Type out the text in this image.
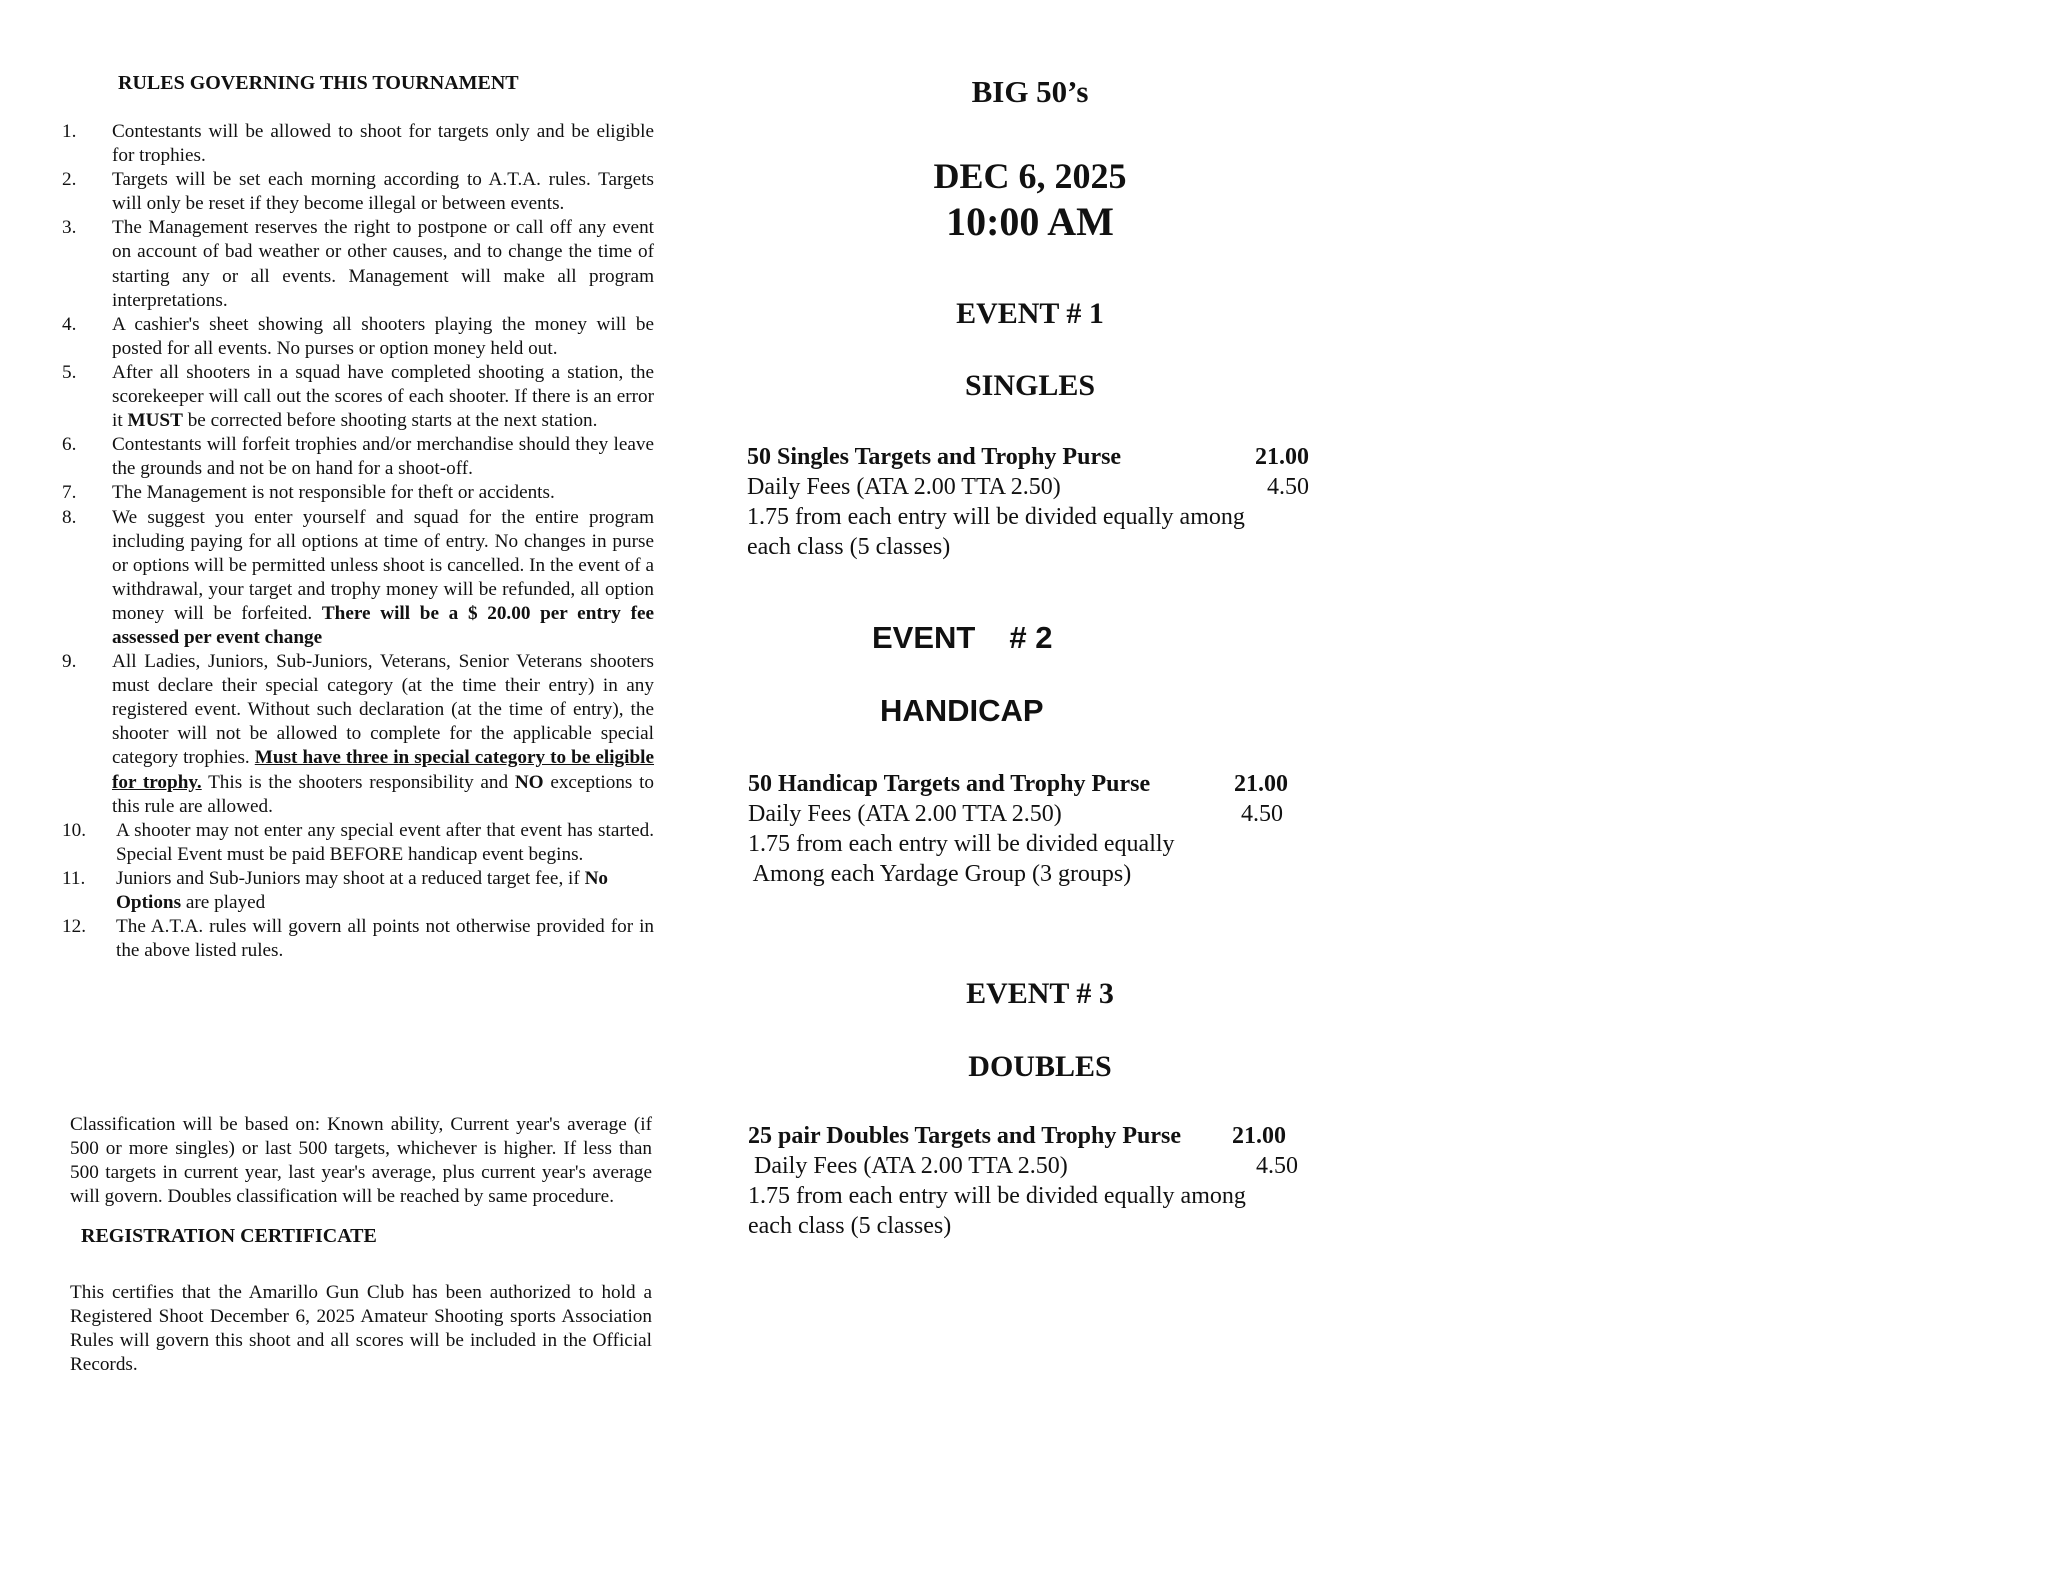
RULES GOVERNING THIS TOURNAMENT
1. Contestants will be allowed to shoot for targets only and be eligible for trophies.
2. Targets will be set each morning according to A.T.A. rules. Targets will only be reset if they become illegal or between events.
3. The Management reserves the right to postpone or call off any event on account of bad weather or other causes, and to change the time of starting any or all events. Management will make all program interpretations.
4. A cashier's sheet showing all shooters playing the money will be posted for all events. No purses or option money held out.
5. After all shooters in a squad have completed shooting a station, the scorekeeper will call out the scores of each shooter. If there is an error it MUST be corrected before shooting starts at the next station.
6. Contestants will forfeit trophies and/or merchandise should they leave the grounds and not be on hand for a shoot-off.
7. The Management is not responsible for theft or accidents.
8. We suggest you enter yourself and squad for the entire program including paying for all options at time of entry. No changes in purse or options will be permitted unless shoot is cancelled. In the event of a withdrawal, your target and trophy money will be refunded, all option money will be forfeited. There will be a $ 20.00 per entry fee assessed per event change
9. All Ladies, Juniors, Sub-Juniors, Veterans, Senior Veterans shooters must declare their special category (at the time their entry) in any registered event. Without such declaration (at the time of entry), the shooter will not be allowed to complete for the applicable special category trophies. Must have three in special category to be eligible for trophy. This is the shooters responsibility and NO exceptions to this rule are allowed.
10. A shooter may not enter any special event after that event has started. Special Event must be paid BEFORE handicap event begins.
11. Juniors and Sub-Juniors may shoot at a reduced target fee, if No Options are played
12. The A.T.A. rules will govern all points not otherwise provided for in the above listed rules.
Classification will be based on: Known ability, Current year's average (if 500 or more singles) or last 500 targets, whichever is higher. If less than 500 targets in current year, last year's average, plus current year's average will govern. Doubles classification will be reached by same procedure.
REGISTRATION CERTIFICATE
This certifies that the Amarillo Gun Club has been authorized to hold a Registered Shoot December 6, 2025 Amateur Shooting sports Association Rules will govern this shoot and all scores will be included in the Official Records.
BIG 50’s
DEC 6, 2025
10:00 AM
EVENT # 1
SINGLES
50 Singles Targets and Trophy Purse	21.00
Daily Fees (ATA 2.00 TTA 2.50)	4.50
1.75 from each entry will be divided equally among
each class (5 classes)
EVENT # 2
HANDICAP
50 Handicap Targets and Trophy Purse	21.00
Daily Fees (ATA 2.00 TTA 2.50)	4.50
1.75 from each entry will be divided equally
Among each Yardage Group (3 groups)
EVENT # 3
DOUBLES
25 pair Doubles Targets and Trophy Purse 21.00
Daily Fees (ATA 2.00 TTA 2.50)	4.50
1.75 from each entry will be divided equally among
each class (5 classes)
